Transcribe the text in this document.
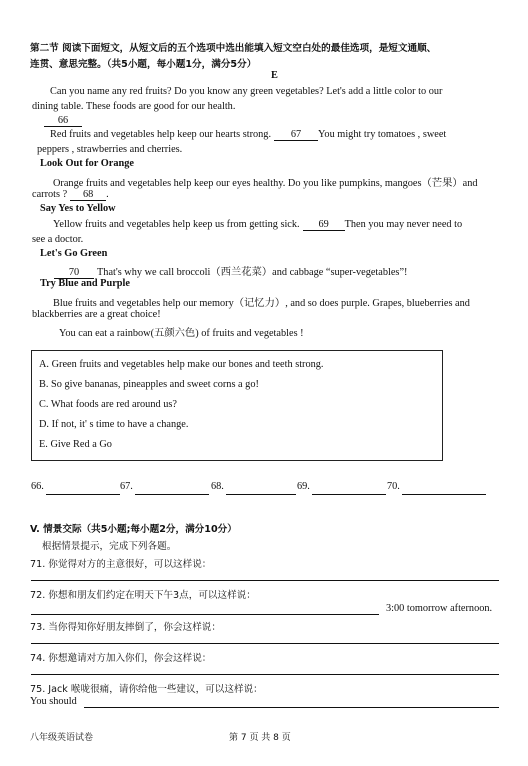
第二节 阅读下面短文，从短文后的五个选项中选出能填入短文空白处的最佳选项，是短文通顺、
连贯、意思完整。（共5小题，每小题1分，满分5分）
E
Can you name any red fruits? Do you know any green vegetables? Let's add a little color to our
dining table. These foods are good for our health.
66
Red fruits and vegetables help keep our hearts strong. 67 You might try tomatoes , sweet
peppers , strawberries and cherries.
Look Out for Orange
Orange fruits and vegetables help keep our eyes healthy. Do you like pumpkins, mangoes（芒果）and
carrots ? 68 .
Say Yes to Yellow
Yellow fruits and vegetables help keep us from getting sick. 69 Then you may never need to
see a doctor.
Let's Go Green
70 That's why we call broccoli（西兰花菜）and cabbage “super-vegetables”!
Try Blue and Purple
Blue fruits and vegetables help our memory（记忆力）, and so does purple. Grapes, blueberries and
blackberries are a great choice!
You can eat a rainbow(五颜六色) of fruits and vegetables !
A. Green fruits and vegetables help make our bones and teeth strong.
B. So give bananas, pineapples and sweet corns a go!
C. What foods are red around us?
D. If not, it' s time to have a change.
E. Give Red a Go
66.	67.	68.	69.	70.
V. 情景交际（共5小题;每小题2分，满分10分）
根据情景提示，完成下列各题。
71. 你觉得对方的主意很好，可以这样说：
72. 你想和朋友们约定在明天下午3点，可以这样说：
3:00 tomorrow afternoon.
73. 当你得知你好朋友摔倒了，你会这样说：
74. 你想邀请对方加入你们，你会这样说：
75. Jack 喉咙很痛，请你给他一些建议，可以这样说：
You should
八年级英语试卷	第 7 页 共 8 页
